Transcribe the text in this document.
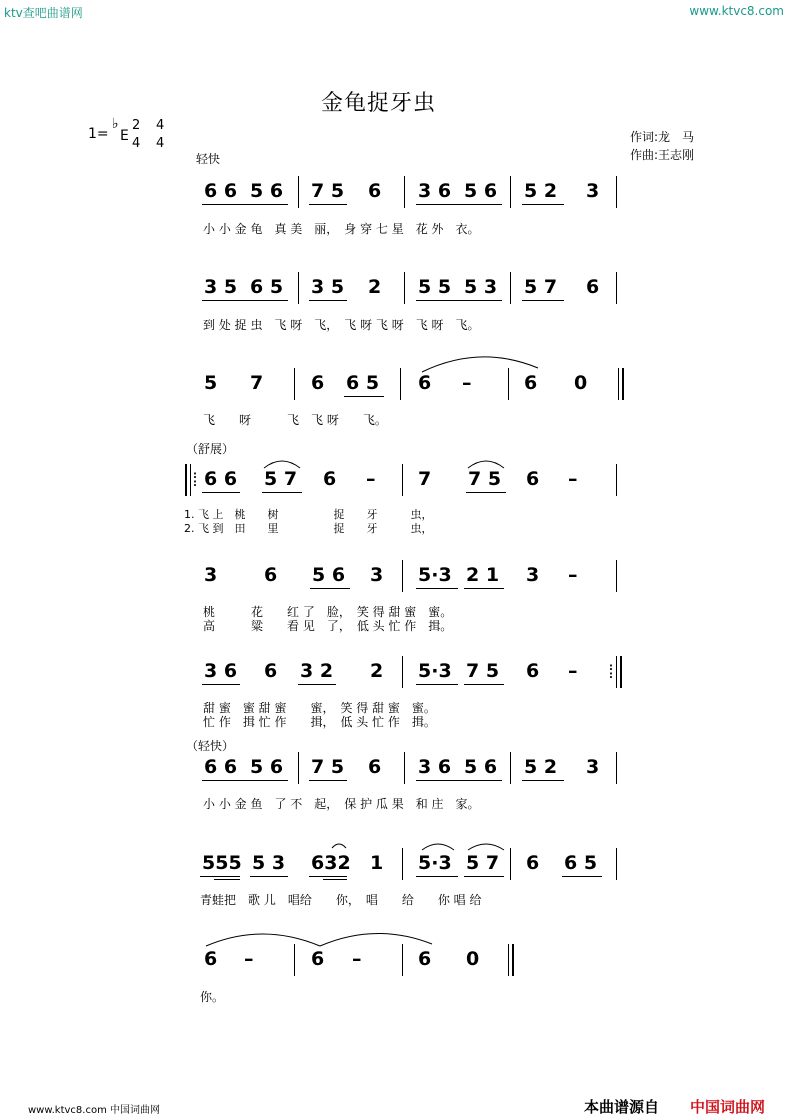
ktv查吧曲谱网	www.ktvc8.com
金龟捉牙虫
1=
♭
E
2
4
4
4
轻快
作词:龙　马
作曲:王志刚
6 6 5 6 7 5 6 3 6 5 6 5 2 3
小 小 金 龟　真 美　丽，　身 穿 七 星　花 外　衣。
3 5 6 5 3 5 2 5 5 5 3 5 7 6
到 处 捉 虫　飞 呀　飞，　飞 呀 飞 呀　飞 呀　飞。
5 7	6 6 5 6 –	6 0
飞　　呀　　　飞　飞 呀　　飞。
（舒展）
:
: 6 6 5 7 6 – 7 7 5 6 –
1. 飞 上　桃　　树　　　　　捉　　牙　　　虫，
2. 飞 到　田　　里　　　　　捉　　牙　　　虫，
3 6 5 6 3 5·3 2 1 3 –
桃　　　花　　红 了　脸，　笑 得 甜 蜜　蜜。
高　　　粱　　看 见　了，　低 头 忙 作　揖。
3 6 6 3 2 2 5·3 7 5 6 –	:
:
甜 蜜　蜜 甜 蜜　　蜜，　笑 得 甜 蜜　蜜。
忙 作　揖 忙 作　　揖，　低 头 忙 作　揖。
（轻快）
6 6 5 6 7 5 6 3 6 5 6 5 2 3
小 小 金 鱼　了 不　起，　保 护 瓜 果　和 庄　家。
555 5 3 632 1 5·3 5 7 6 6 5
青蛙把　歌 儿　唱给　　你，　唱　　给　　你 唱 给
6 –	6 –	6 0
你。
www.ktvc8.com 中国词曲网	本曲谱源自 中国词曲网
